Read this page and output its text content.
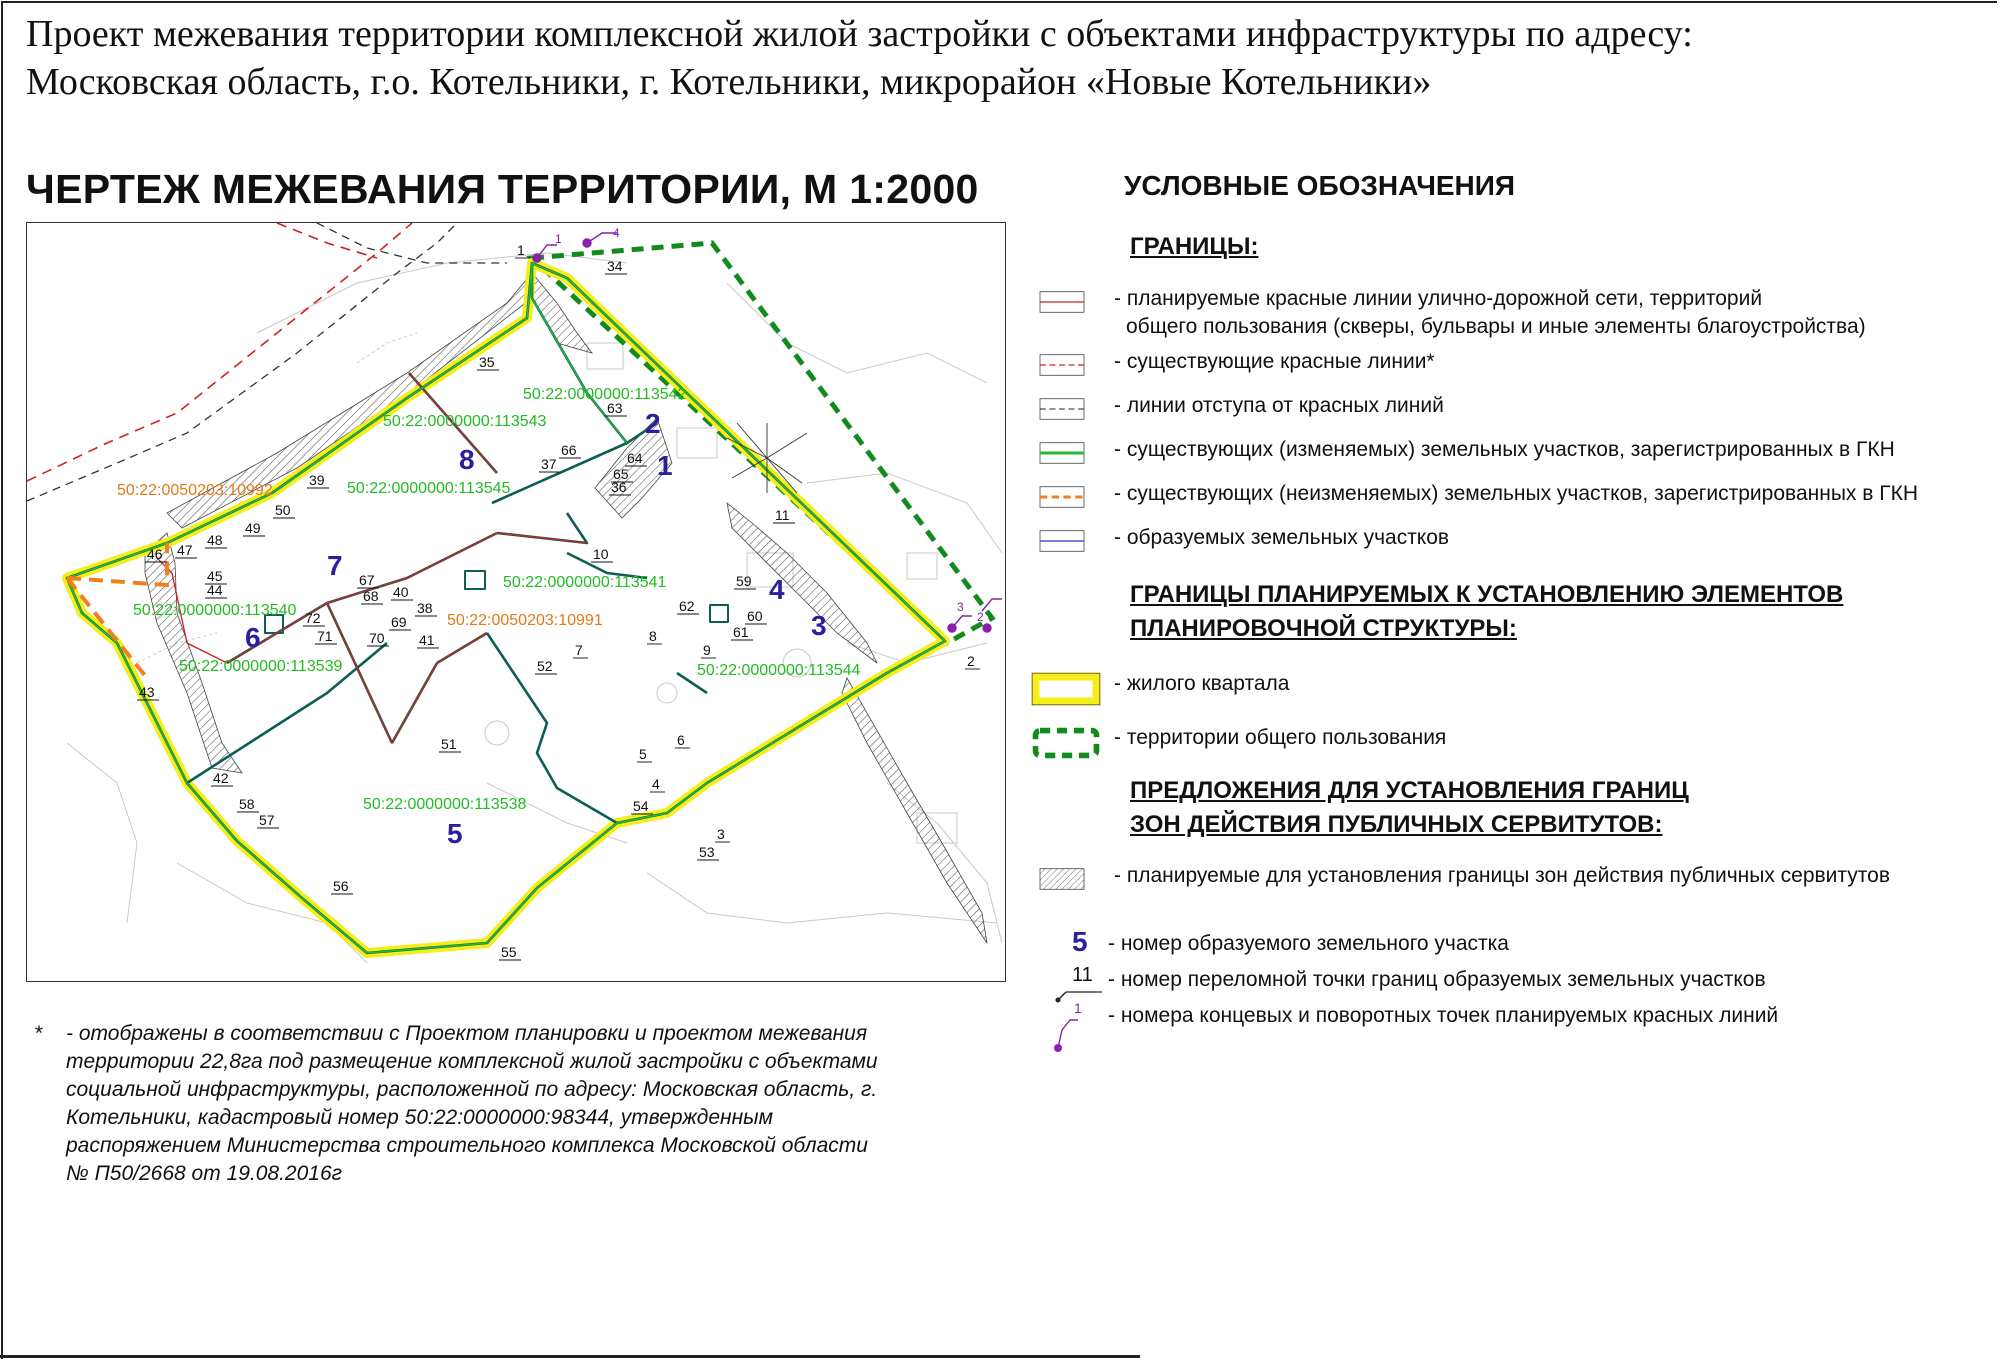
Проект межевания территории комплексной жилой застройки с объектами инфраструктуры по адресу:
Московская область, г.о. Котельники, г. Котельники, микрорайон «Новые Котельники»
ЧЕРТЕЖ МЕЖЕВАНИЯ ТЕРРИТОРИИ, М 1:2000
1
2
3
4
5
6
7
8
9
10
11
34
35
36
37
38
39
40
41
42
43
44
45
46 47
48
49
50
51
52
53
54
55
56
57
58
59
60
61
62
63
64
65
66
67
68
69
70
71
72
50:22:0000000:113542
50:22:0000000:113543
50:22:0000000:113545
50:22:0000000:113541
50:22:0000000:113540
50:22:0000000:113539	50:22:0000000:113544
50:22:0000000:113538
50:22:0050203:10992
50:22:0050203:10991
1
2
3
4
5
6
7
8
1
2
3
4
УСЛОВНЫЕ ОБОЗНАЧЕНИЯ
ГРАНИЦЫ:
- планируемые красные линии улично-дорожной сети, территорий
общего пользования (скверы, бульвары и иные элементы благоустройства)
- существующие красные линии*
- линии отступа от красных линий
- существующих (изменяемых) земельных участков, зарегистрированных в ГКН
- существующих (неизменяемых) земельных участков, зарегистрированных в ГКН
- образуемых земельных участков
ГРАНИЦЫ ПЛАНИРУЕМЫХ К УСТАНОВЛЕНИЮ ЭЛЕМЕНТОВ
ПЛАНИРОВОЧНОЙ СТРУКТУРЫ:
- жилого квартала
- территории общего пользования
ПРЕДЛОЖЕНИЯ ДЛЯ УСТАНОВЛЕНИЯ ГРАНИЦ
ЗОН ДЕЙСТВИЯ ПУБЛИЧНЫХ СЕРВИТУТОВ:
- планируемые для установления границы зон действия публичных сервитутов
5 - номер образуемого земельного участка
11 - номер переломной точки границ образуемых земельных участков
1 - номера концевых и поворотных точек планируемых красных линий
* - отображены в соответствии с Проектом планировки и проектом межевания
территории 22,8га под размещение комплексной жилой застройки с объектами
социальной инфраструктуры, расположенной по адресу: Московская область, г.
Котельники, кадастровый номер 50:22:0000000:98344, утвержденным
распоряжением Министерства строительного комплекса Московской области
№ П50/2668 от 19.08.2016г
